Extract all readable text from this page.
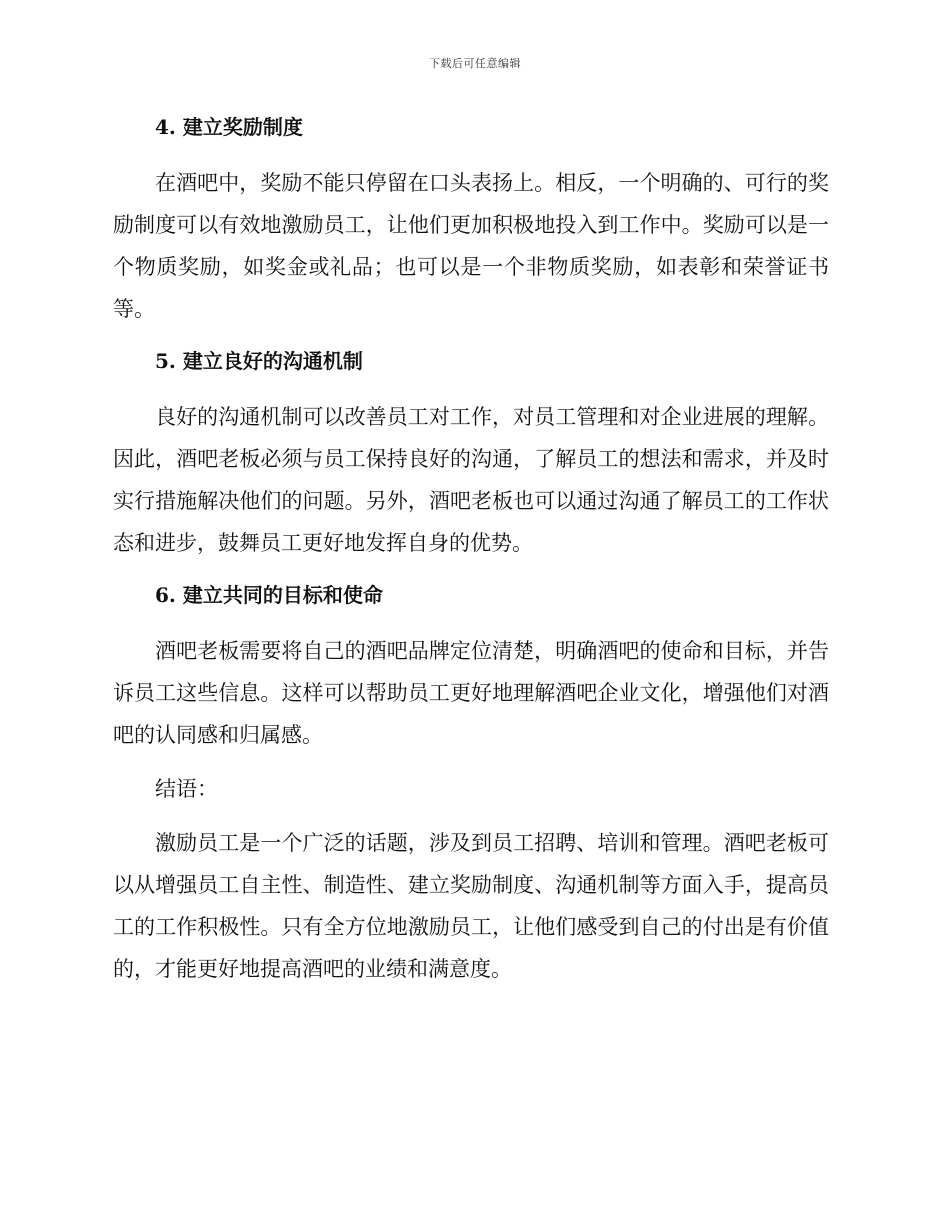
下载后可任意编辑
4. 建立奖励制度

在酒吧中，奖励不能只停留在口头表扬上。相反，一个明确的、可行的奖励制度可以有效地激励员工，让他们更加积极地投入到工作中。奖励可以是一个物质奖励，如奖金或礼品；也可以是一个非物质奖励，如表彰和荣誉证书等。

5. 建立良好的沟通机制

良好的沟通机制可以改善员工对工作，对员工管理和对企业进展的理解。因此，酒吧老板必须与员工保持良好的沟通，了解员工的想法和需求，并及时实行措施解决他们的问题。另外，酒吧老板也可以通过沟通了解员工的工作状态和进步，鼓舞员工更好地发挥自身的优势。

6. 建立共同的目标和使命

酒吧老板需要将自己的酒吧品牌定位清楚，明确酒吧的使命和目标，并告诉员工这些信息。这样可以帮助员工更好地理解酒吧企业文化，增强他们对酒吧的认同感和归属感。

结语：

激励员工是一个广泛的话题，涉及到员工招聘、培训和管理。酒吧老板可以从增强员工自主性、制造性、建立奖励制度、沟通机制等方面入手，提高员工的工作积极性。只有全方位地激励员工，让他们感受到自己的付出是有价值的，才能更好地提高酒吧的业绩和满意度。
